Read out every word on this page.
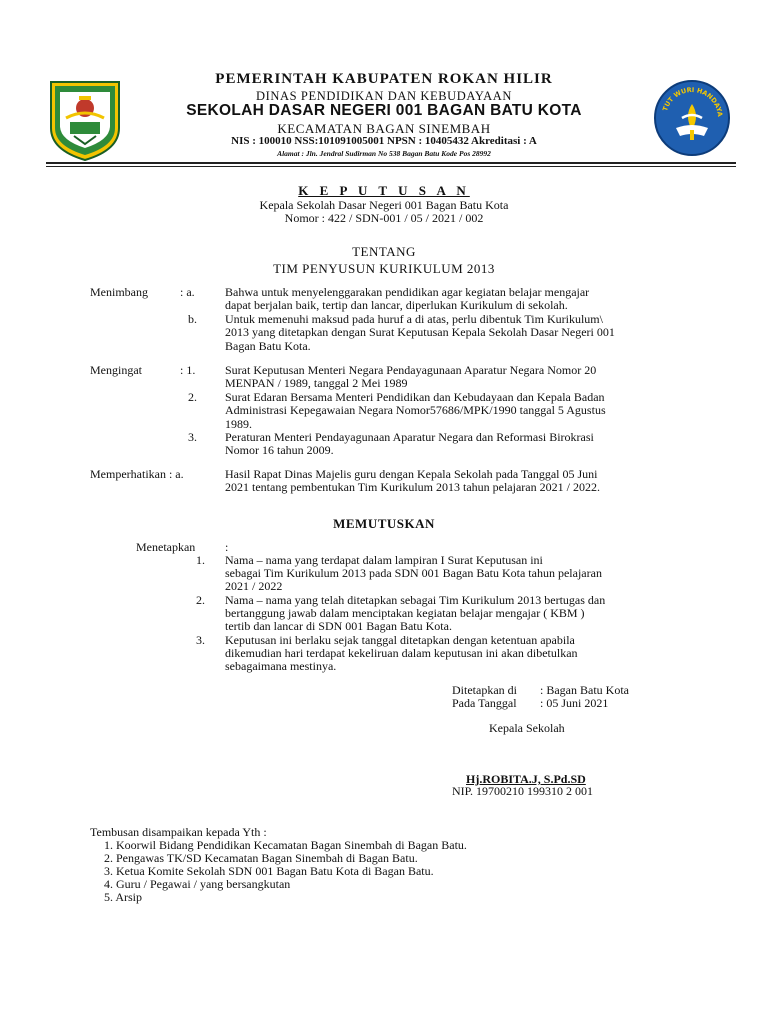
TUT WURI HANDAYA
PEMERINTAH KABUPATEN ROKAN HILIR
DINAS PENDIDIKAN DAN KEBUDAYAAN
SEKOLAH DASAR NEGERI 001 BAGAN BATU KOTA
KECAMATAN BAGAN SINEMBAH
NIS : 100010 NSS:101091005001 NPSN : 10405432 Akreditasi : A
Alamat : Jln. Jendral Sudirman No 538 Bagan Batu Kode Pos 28992
K E P U T U S A N
Kepala Sekolah Dasar Negeri 001 Bagan Batu Kota
Nomor : 422 / SDN-001 / 05 / 2021 / 002
TENTANG
TIM PENYUSUN KURIKULUM 2013
Menimbang	: a.	Bahwa untuk menyelenggarakan pendidikan agar kegiatan belajar mengajar
dapat berjalan baik, tertip dan lancar, diperlukan Kurikulum di sekolah.
b. Untuk memenuhi maksud pada huruf a di atas, perlu dibentuk Tim Kurikulum\
2013 yang ditetapkan dengan Surat Keputusan Kepala Sekolah Dasar Negeri 001
Bagan Batu Kota.
Mengingat	: 1. Surat Keputusan Menteri Negara Pendayagunaan Aparatur Negara Nomor 20
MENPAN / 1989, tanggal 2 Mei 1989
2. Surat Edaran Bersama Menteri Pendidikan dan Kebudayaan dan Kepala Badan
Administrasi Kepegawaian Negara Nomor57686/MPK/1990 tanggal 5 Agustus
1989.
3. Peraturan Menteri Pendayagunaan Aparatur Negara dan Reformasi Birokrasi
Nomor 16 tahun 2009.
Memperhatikan : a.	Hasil Rapat Dinas Majelis guru dengan Kepala Sekolah pada Tanggal 05 Juni
2021 tentang pembentukan Tim Kurikulum 2013 tahun pelajaran 2021 / 2022.
MEMUTUSKAN
Menetapkan :
1. Nama – nama yang terdapat dalam lampiran I Surat Keputusan ini
sebagai Tim Kurikulum 2013 pada SDN 001 Bagan Batu Kota tahun pelajaran
2021 / 2022
2. Nama – nama yang telah ditetapkan sebagai Tim Kurikulum 2013 bertugas dan
bertanggung jawab dalam menciptakan kegiatan belajar mengajar ( KBM )
tertib dan lancar di SDN 001 Bagan Batu Kota.
3. Keputusan ini berlaku sejak tanggal ditetapkan dengan ketentuan apabila
dikemudian hari terdapat kekeliruan dalam keputusan ini akan dibetulkan
sebagaimana mestinya.
Ditetapkan di : Bagan Batu Kota
Pada Tanggal : 05 Juni 2021
Kepala Sekolah
Hj.ROBITA.J, S.Pd.SD
NIP. 19700210 199310 2 001
Tembusan disampaikan kepada Yth :
1. Koorwil Bidang Pendidikan Kecamatan Bagan Sinembah di Bagan Batu.
2. Pengawas TK/SD Kecamatan Bagan Sinembah di Bagan Batu.
3. Ketua Komite Sekolah SDN 001 Bagan Batu Kota di Bagan Batu.
4. Guru / Pegawai / yang bersangkutan
5. Arsip
